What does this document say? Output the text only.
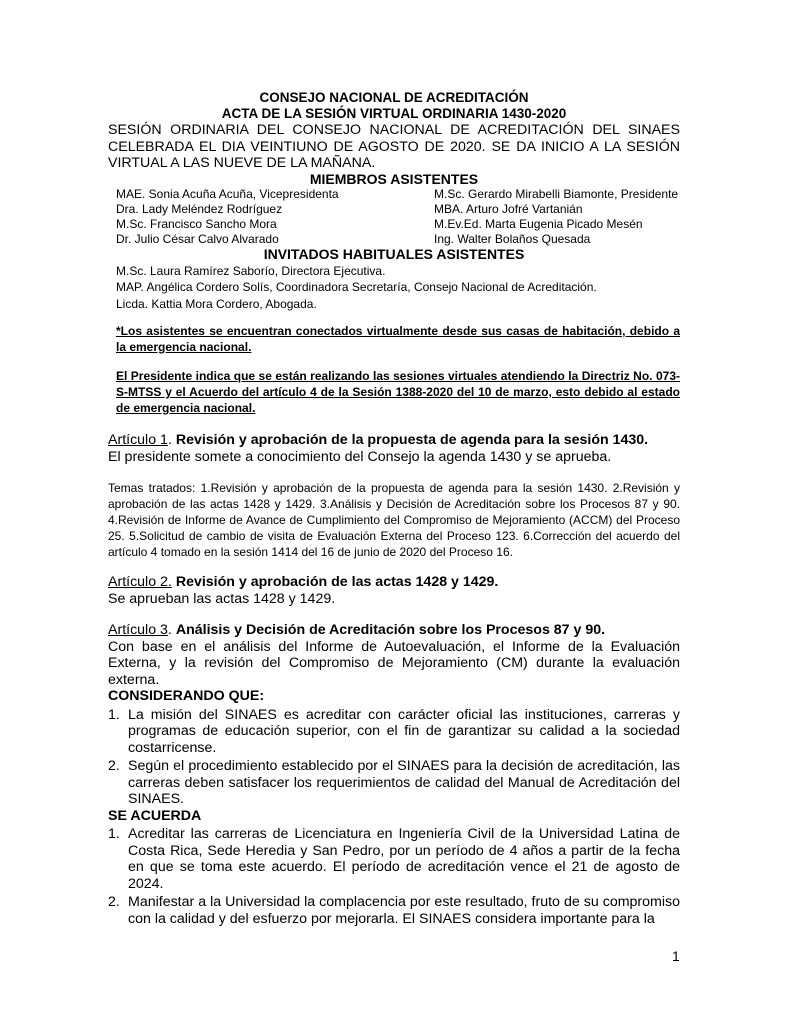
CONSEJO NACIONAL DE ACREDITACIÓN

ACTA DE LA SESIÓN VIRTUAL ORDINARIA 1430-2020

SESIÓN ORDINARIA DEL CONSEJO NACIONAL DE ACREDITACIÓN DEL SINAES CELEBRADA EL DIA VEINTIUNO DE AGOSTO DE 2020. SE DA INICIO A LA SESIÓN VIRTUAL A LAS NUEVE DE LA MAÑANA.

MIEMBROS ASISTENTES

MAE. Sonia Acuña Acuña, Vicepresidenta	M.Sc. Gerardo Mirabelli Biamonte, Presidente
Dra. Lady Meléndez Rodríguez	MBA. Arturo Jofré Vartanián
M.Sc. Francisco Sancho Mora	M.Ev.Ed. Marta Eugenia Picado Mesén
Dr. Julio César Calvo Alvarado	Ing. Walter Bolaños Quesada

INVITADOS HABITUALES ASISTENTES

M.Sc. Laura Ramírez Saborío, Directora Ejecutiva.
MAP. Angélica Cordero Solís, Coordinadora Secretaría, Consejo Nacional de Acreditación.
Licda. Kattia Mora Cordero, Abogada.

*Los asistentes se encuentran conectados virtualmente desde sus casas de habitación, debido a la emergencia nacional.

El Presidente indica que se están realizando las sesiones virtuales atendiendo la Directriz No. 073-S-MTSS y el Acuerdo del artículo 4 de la Sesión 1388-2020 del 10 de marzo, esto debido al estado de emergencia nacional.

Artículo 1. Revisión y aprobación de la propuesta de agenda para la sesión 1430.

El presidente somete a conocimiento del Consejo la agenda 1430 y se aprueba.

Temas tratados: 1.Revisión y aprobación de la propuesta de agenda para la sesión 1430. 2.Revisión y aprobación de las actas 1428 y 1429. 3.Análisis y Decisión de Acreditación sobre los Procesos 87 y 90. 4.Revisión de Informe de Avance de Cumplimiento del Compromiso de Mejoramiento (ACCM) del Proceso 25. 5.Solicitud de cambio de visita de Evaluación Externa del Proceso 123. 6.Corrección del acuerdo del artículo 4 tomado en la sesión 1414 del 16 de junio de 2020 del Proceso 16.

Artículo 2. Revisión y aprobación de las actas 1428 y 1429.

Se aprueban las actas 1428 y 1429.

Artículo 3. Análisis y Decisión de Acreditación sobre los Procesos 87 y 90.

Con base en el análisis del Informe de Autoevaluación, el Informe de la Evaluación Externa, y la revisión del Compromiso de Mejoramiento (CM) durante la evaluación externa.

CONSIDERANDO QUE:

1. La misión del SINAES es acreditar con carácter oficial las instituciones, carreras y programas de educación superior, con el fin de garantizar su calidad a la sociedad costarricense.
2. Según el procedimiento establecido por el SINAES para la decisión de acreditación, las carreras deben satisfacer los requerimientos de calidad del Manual de Acreditación del SINAES.

SE ACUERDA

1. Acreditar las carreras de Licenciatura en Ingeniería Civil de la Universidad Latina de Costa Rica, Sede Heredia y San Pedro, por un período de 4 años a partir de la fecha en que se toma este acuerdo. El período de acreditación vence el 21 de agosto de 2024.
2. Manifestar a la Universidad la complacencia por este resultado, fruto de su compromiso con la calidad y del esfuerzo por mejorarla. El SINAES considera importante para la
1
